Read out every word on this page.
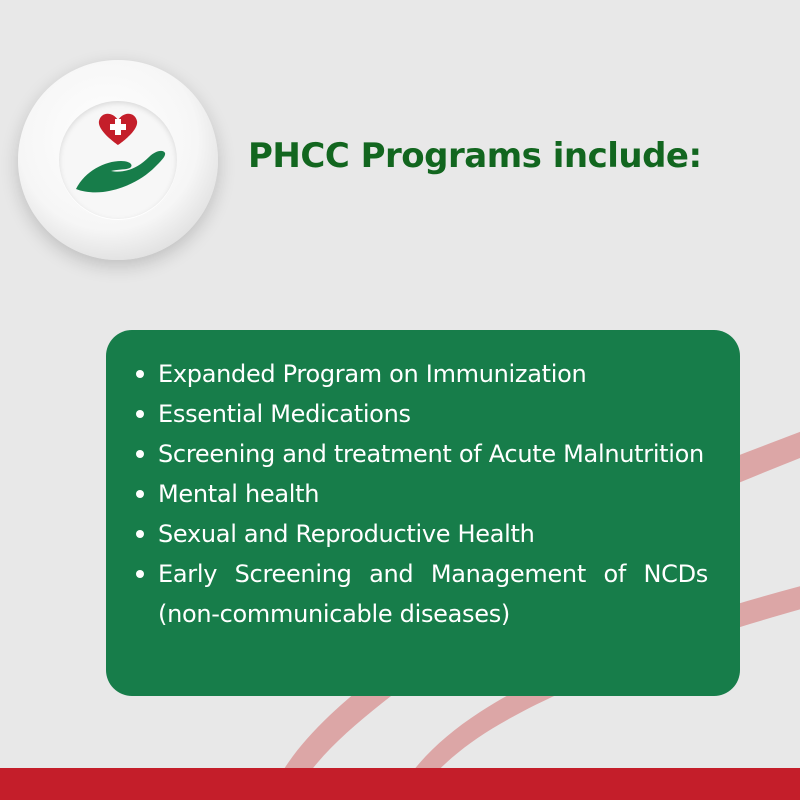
PHCC Programs include:
Expanded Program on Immunization
Essential Medications
Screening and treatment of Acute Malnutrition
Mental health
Sexual and Reproductive Health
Early Screening and Management of NCDs (non-communicable diseases)
